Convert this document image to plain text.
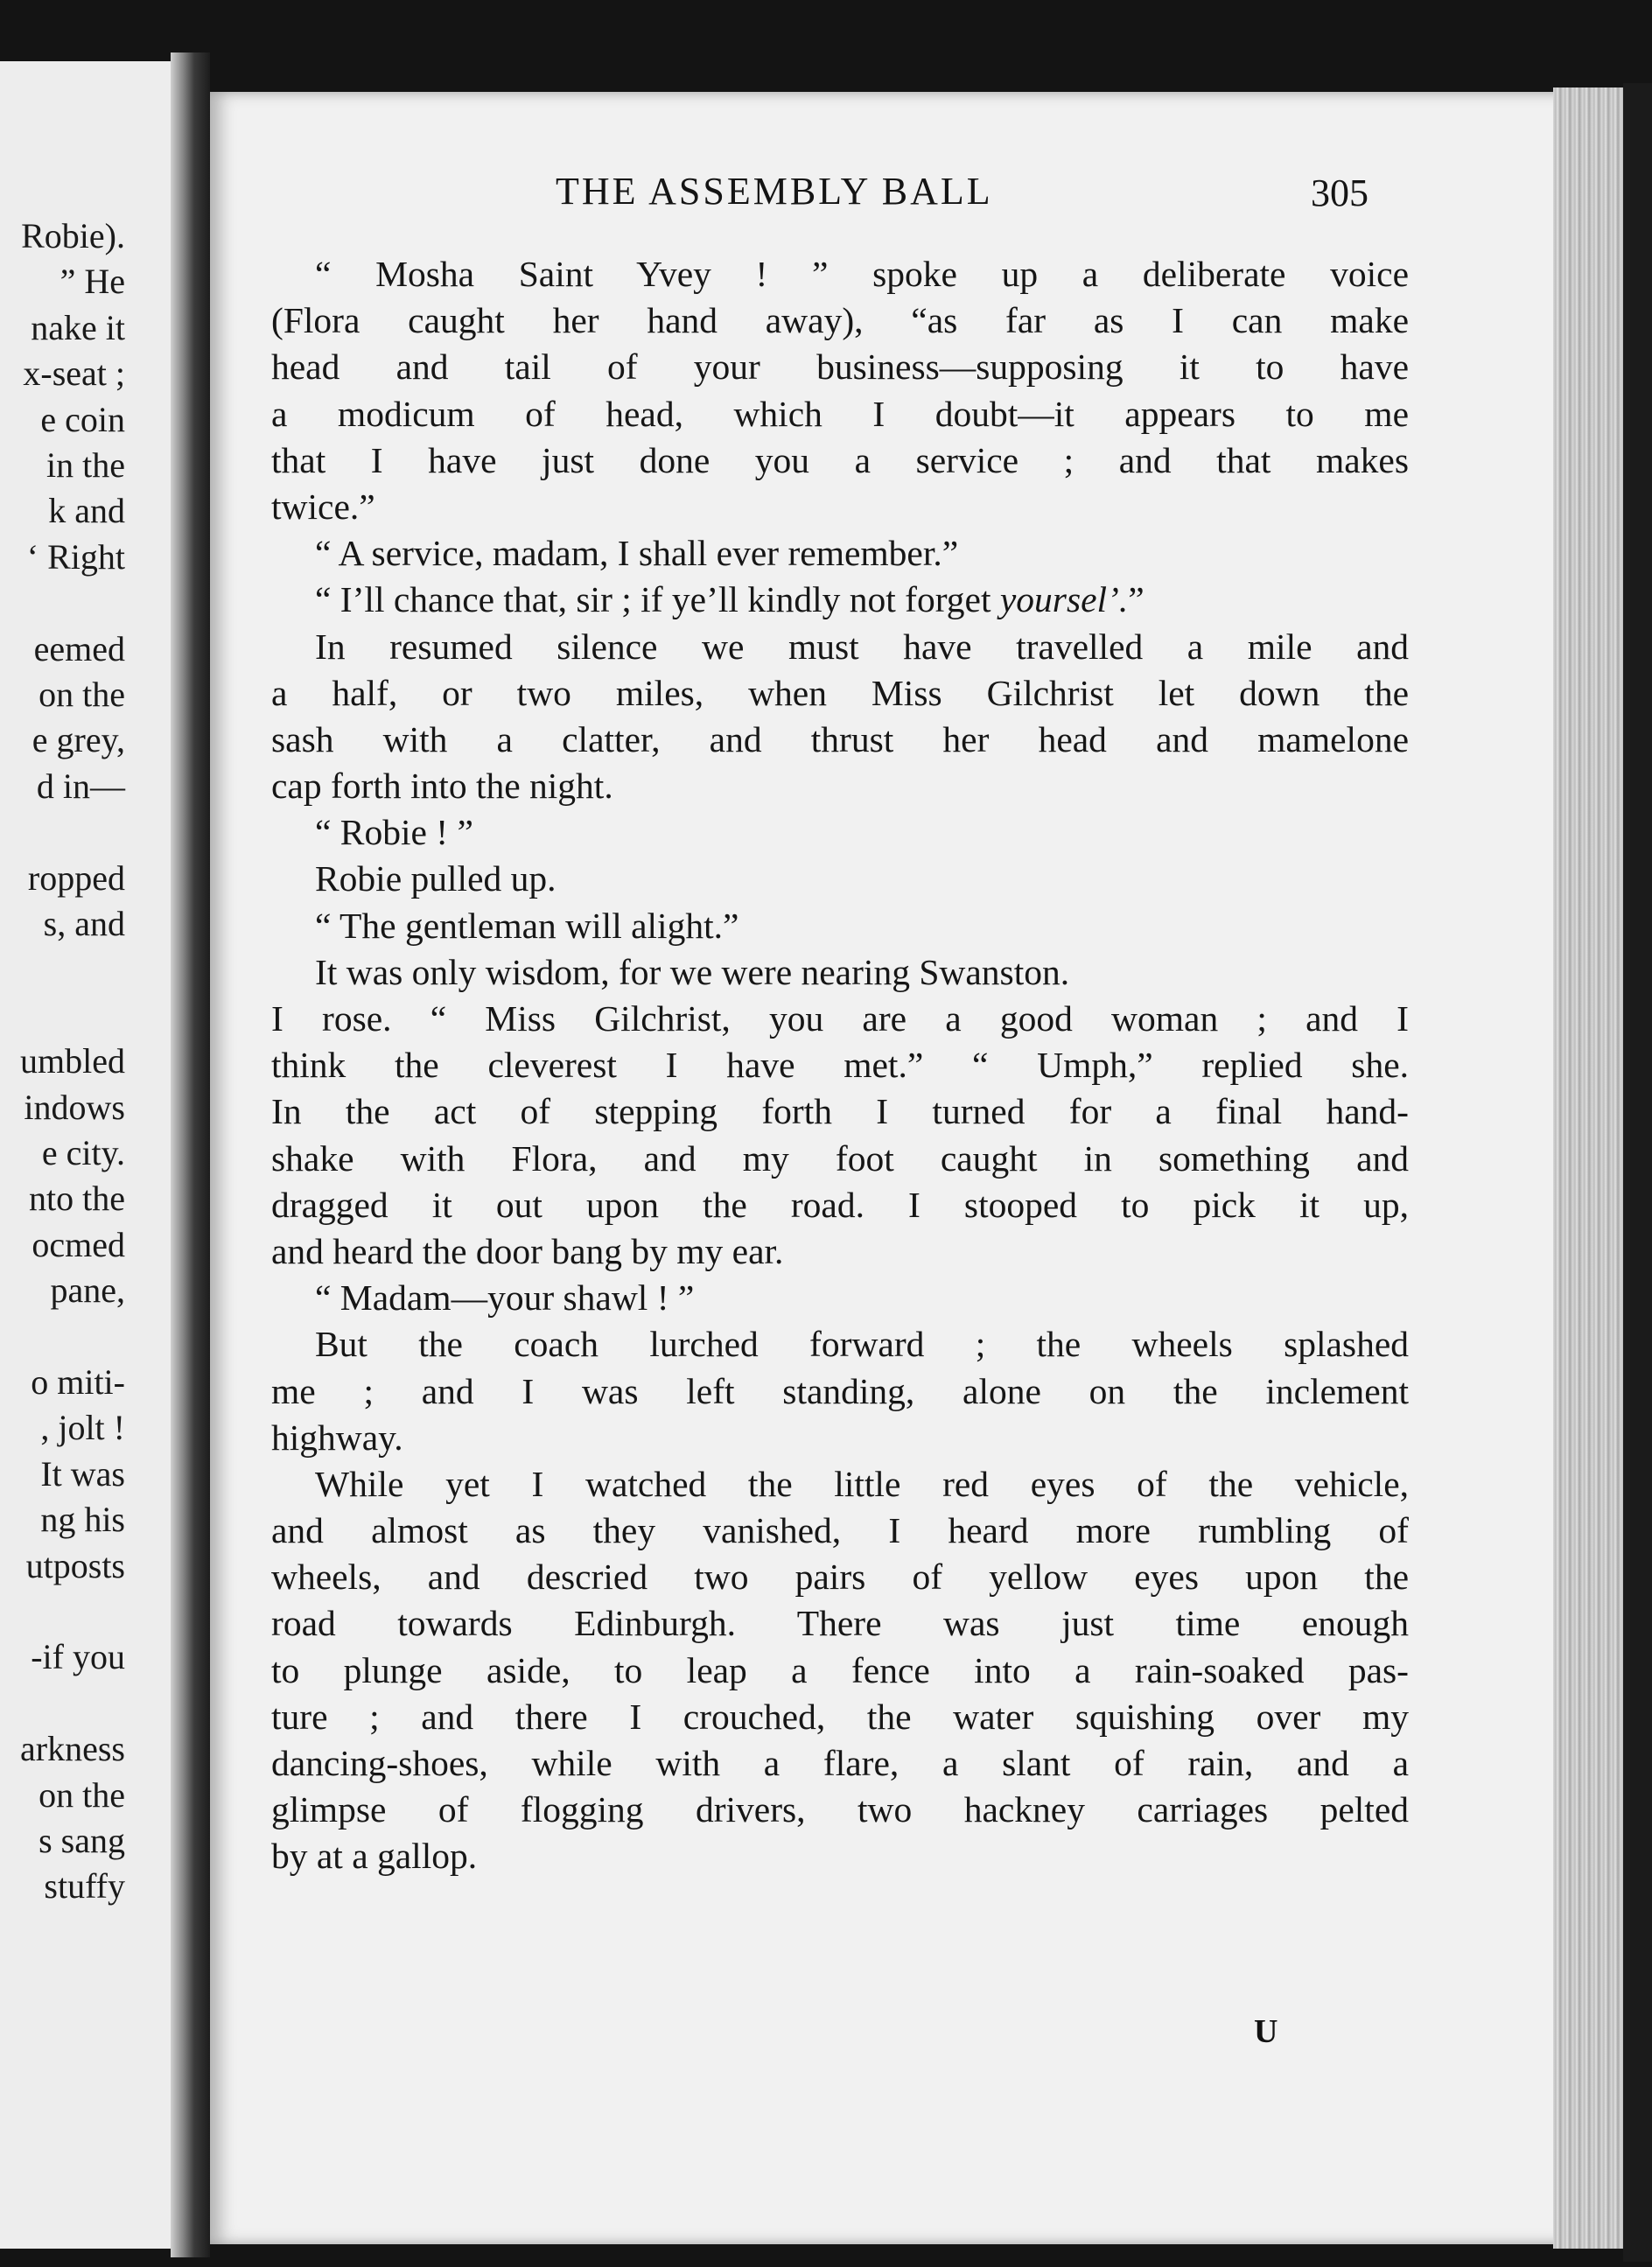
Robie).
” He
nake it
x-seat ;
e coin
in the
k and
‘ Right
eemed
on the
e grey,
d in—
ropped
s, and
umbled
indows
e city.
nto the
ocmed
pane,
o miti-
, jolt !
It was
ng his
utposts
-if you
arkness
on the
s sang
stuffy
THE ASSEMBLY BALL	305
“ Mosha Saint Yvey ! ” spoke up a deliberate voice
(Flora caught her hand away), “as far as I can make
head and tail of your business—supposing it to have
a modicum of head, which I doubt—it appears to me
that I have just done you a service ; and that makes
twice.”
“ A service, madam, I shall ever remember.”
“ I’ll chance that, sir ; if ye’ll kindly not forget yoursel’.”
In resumed silence we must have travelled a mile and
a half, or two miles, when Miss Gilchrist let down the
sash with a clatter, and thrust her head and mamelone
cap forth into the night.
“ Robie ! ”
Robie pulled up.
“ The gentleman will alight.”
It was only wisdom, for we were nearing Swanston.
I rose. “ Miss Gilchrist, you are a good woman ; and I
think the cleverest I have met.” “ Umph,” replied she.
In the act of stepping forth I turned for a final hand-
shake with Flora, and my foot caught in something and
dragged it out upon the road. I stooped to pick it up,
and heard the door bang by my ear.
“ Madam—your shawl ! ”
But the coach lurched forward ; the wheels splashed
me ; and I was left standing, alone on the inclement
highway.
While yet I watched the little red eyes of the vehicle,
and almost as they vanished, I heard more rumbling of
wheels, and descried two pairs of yellow eyes upon the
road towards Edinburgh. There was just time enough
to plunge aside, to leap a fence into a rain-soaked pas-
ture ; and there I crouched, the water squishing over my
dancing-shoes, while with a flare, a slant of rain, and a
glimpse of flogging drivers, two hackney carriages pelted
by at a gallop.
U
